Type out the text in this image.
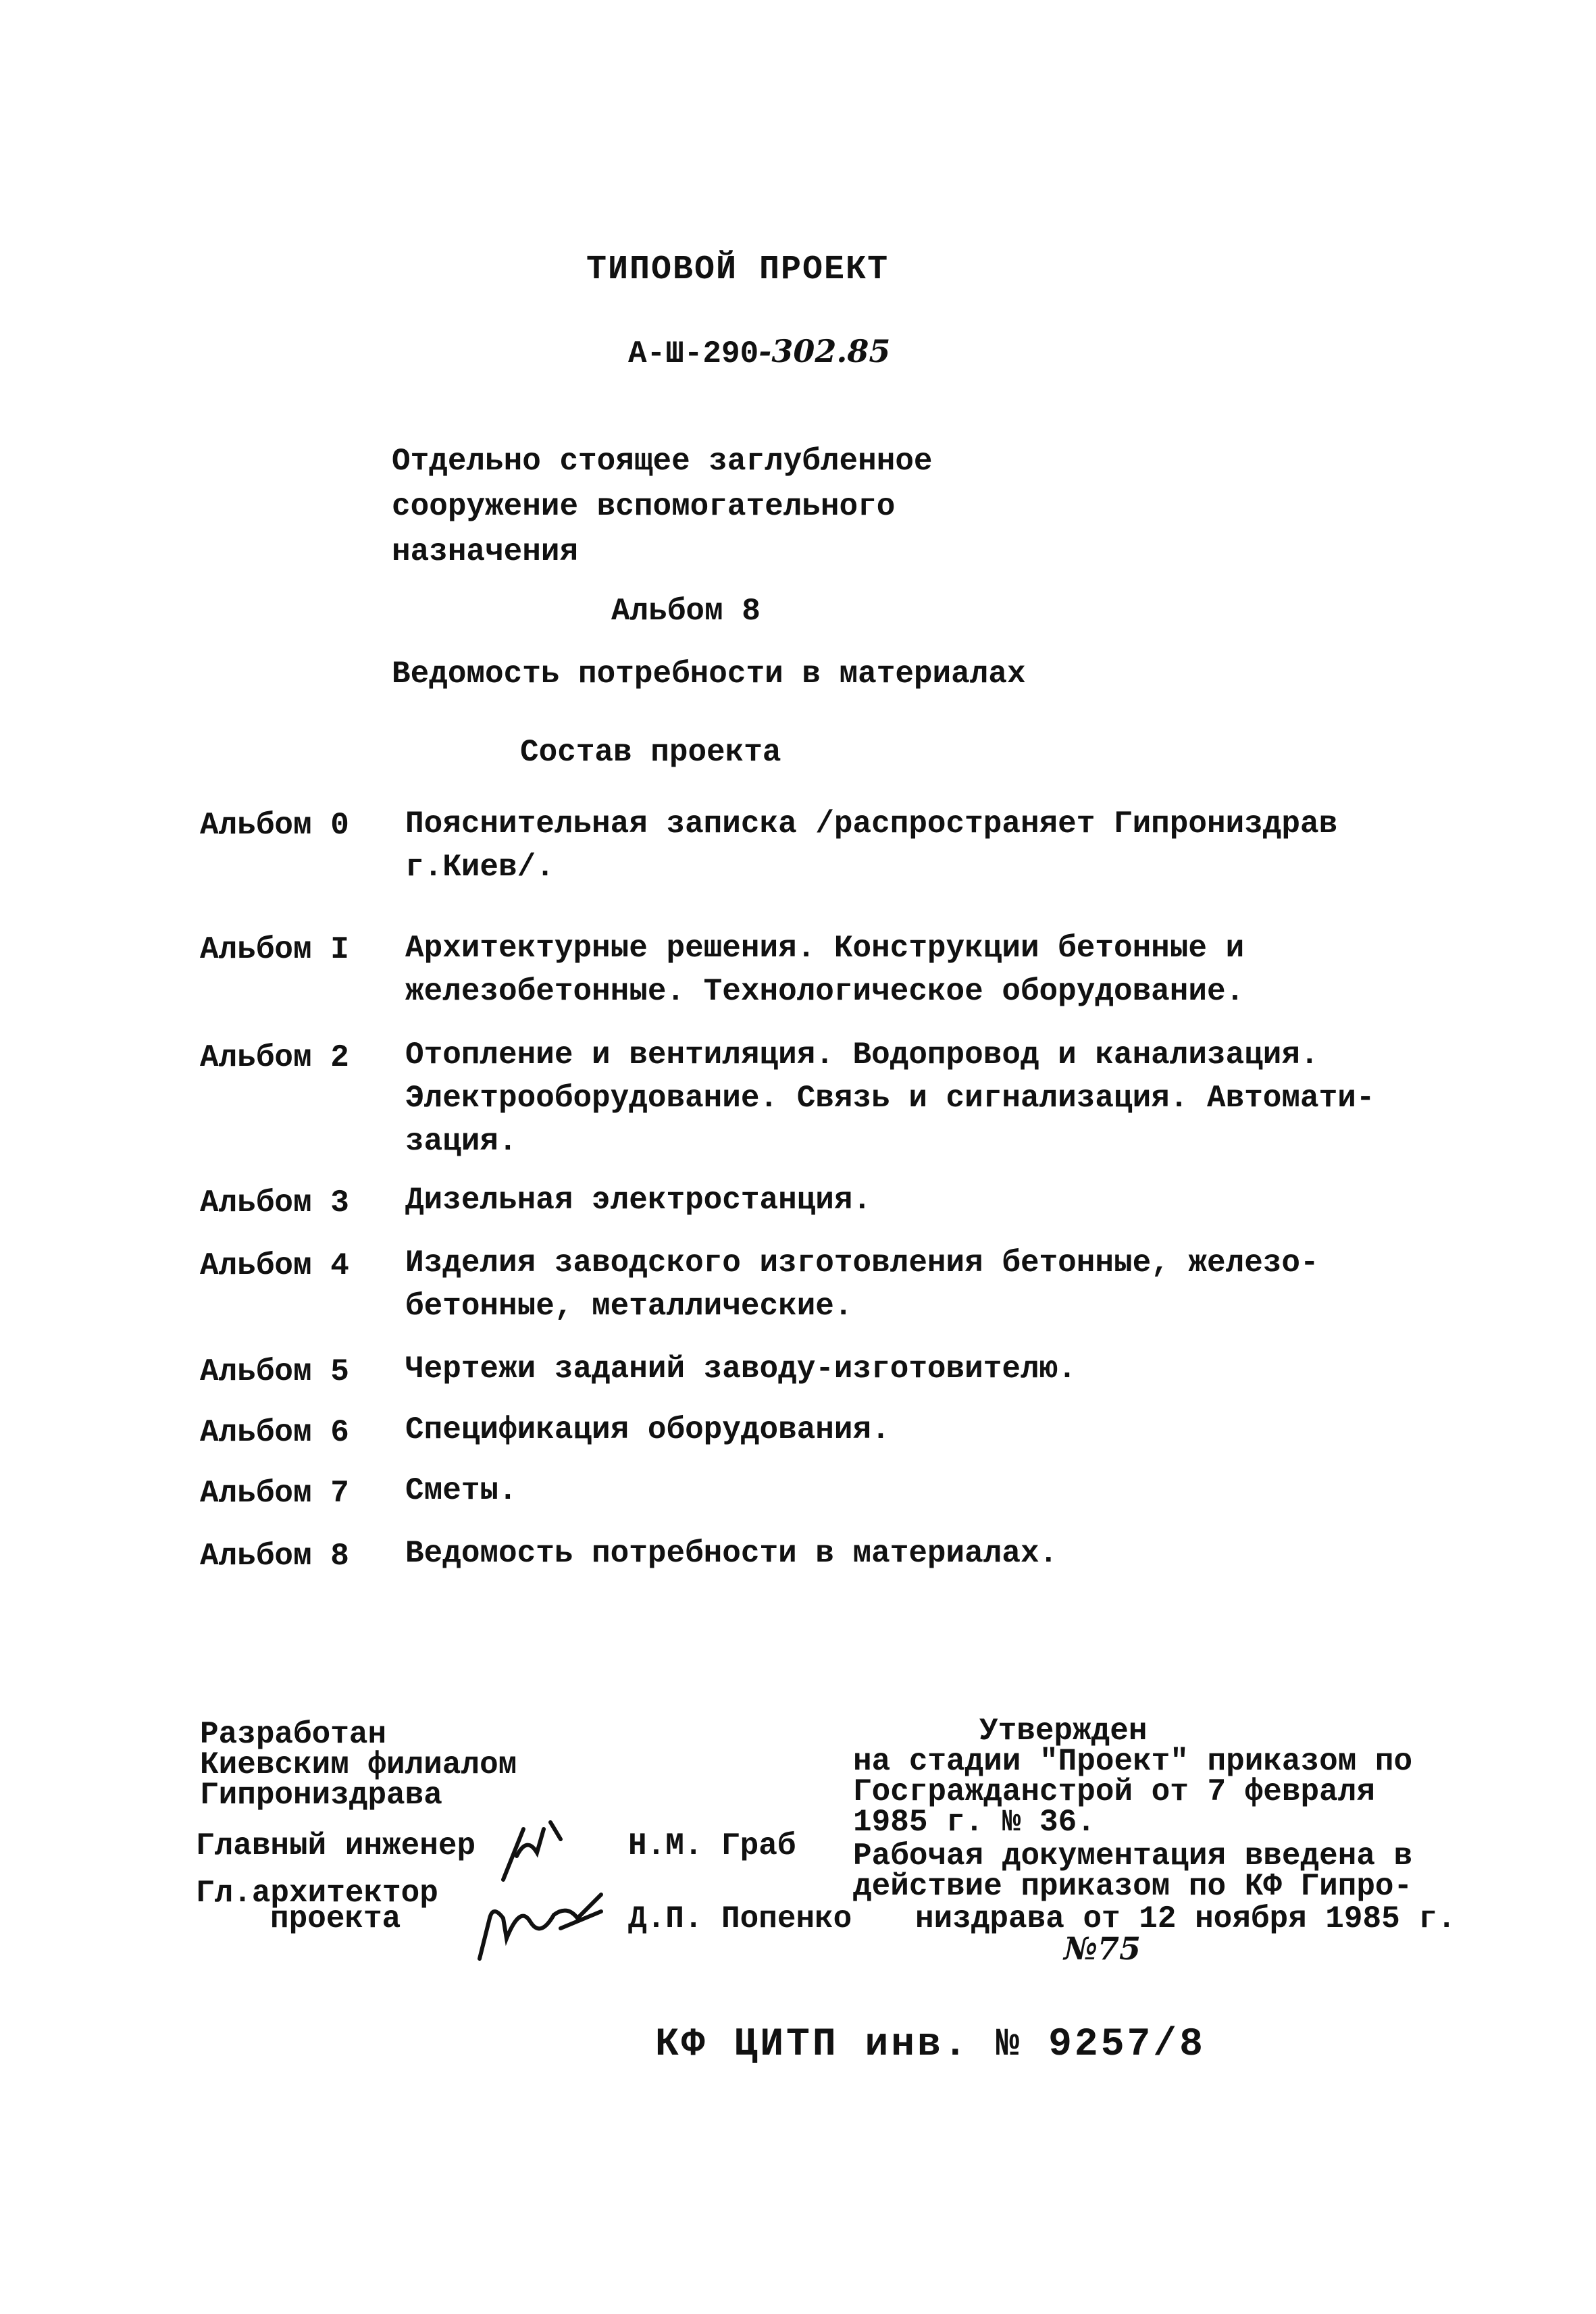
ТИПОВОЙ ПРОЕКТ
А-Ш-290-302.85
Отдельно стоящее заглубленное
сооружение вспомогательного
назначения
Альбом 8
Ведомость потребности в материалах
Состав проекта
Альбом 0 Пояснительная записка /распространяет Гипрониздрав
г.Киев/.
Альбом I Архитектурные решения. Конструкции бетонные и
железобетонные. Технологическое оборудование.
Альбом 2 Отопление и вентиляция. Водопровод и канализация.
Электрооборудование. Связь и сигнализация. Автомати-
зация.
Альбом 3 Дизельная электростанция.
Альбом 4 Изделия заводского изготовления бетонные, железо-
бетонные, металлические.
Альбом 5 Чертежи заданий заводу-изготовителю.
Альбом 6 Спецификация оборудования.
Альбом 7 Сметы.
Альбом 8 Ведомость потребности в материалах.
Разработан
Киевским филиалом
Гипрониздрава
Главный инженер	Н.М. Граб
Гл.архитектор
проекта	Д.П. Попенко
Утвержден
на стадии "Проект" приказом по
Госгражданстрой от 7 февраля
1985 г. № 36.
Рабочая документация введена в
действие приказом по КФ Гипро-
низдрава от 12 ноября 1985 г.
№75
КФ ЦИТП инв. № 9257/8
